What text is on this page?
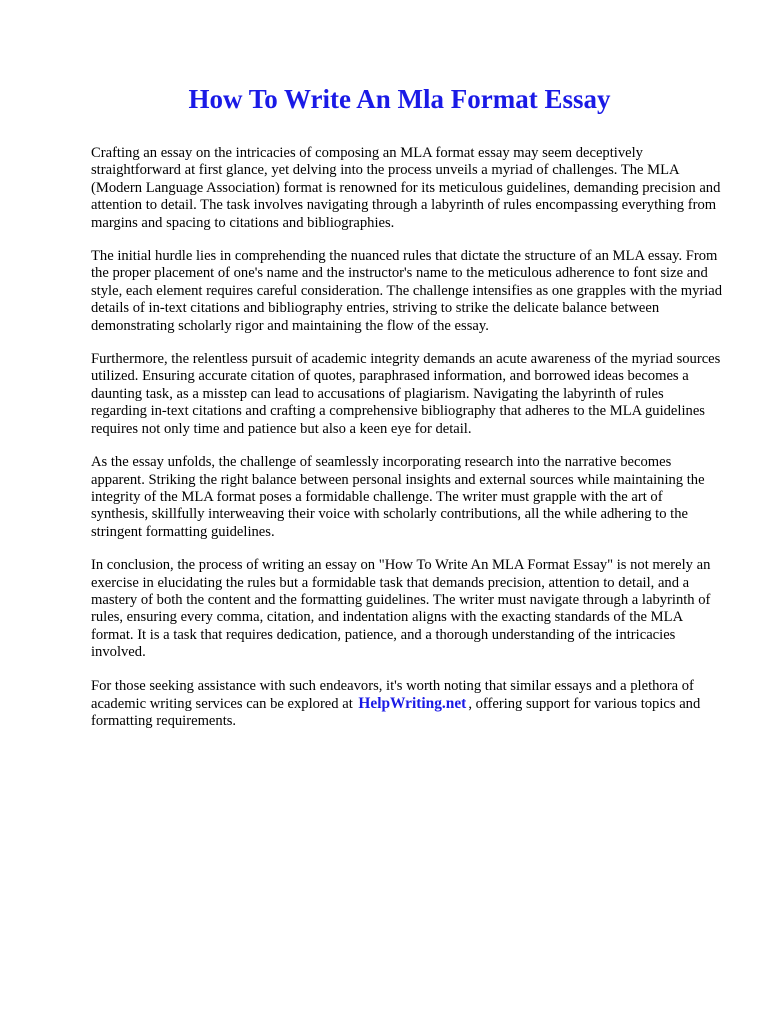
How To Write An Mla Format Essay

Crafting an essay on the intricacies of composing an MLA format essay may seem deceptively straightforward at first glance, yet delving into the process unveils a myriad of challenges. The MLA (Modern Language Association) format is renowned for its meticulous guidelines, demanding precision and attention to detail. The task involves navigating through a labyrinth of rules encompassing everything from margins and spacing to citations and bibliographies.

The initial hurdle lies in comprehending the nuanced rules that dictate the structure of an MLA essay. From the proper placement of one's name and the instructor's name to the meticulous adherence to font size and style, each element requires careful consideration. The challenge intensifies as one grapples with the myriad details of in-text citations and bibliography entries, striving to strike the delicate balance between demonstrating scholarly rigor and maintaining the flow of the essay.

Furthermore, the relentless pursuit of academic integrity demands an acute awareness of the myriad sources utilized. Ensuring accurate citation of quotes, paraphrased information, and borrowed ideas becomes a daunting task, as a misstep can lead to accusations of plagiarism. Navigating the labyrinth of rules regarding in-text citations and crafting a comprehensive bibliography that adheres to the MLA guidelines requires not only time and patience but also a keen eye for detail.

As the essay unfolds, the challenge of seamlessly incorporating research into the narrative becomes apparent. Striking the right balance between personal insights and external sources while maintaining the integrity of the MLA format poses a formidable challenge. The writer must grapple with the art of synthesis, skillfully interweaving their voice with scholarly contributions, all the while adhering to the stringent formatting guidelines.

In conclusion, the process of writing an essay on "How To Write An MLA Format Essay" is not merely an exercise in elucidating the rules but a formidable task that demands precision, attention to detail, and a mastery of both the content and the formatting guidelines. The writer must navigate through a labyrinth of rules, ensuring every comma, citation, and indentation aligns with the exacting standards of the MLA format. It is a task that requires dedication, patience, and a thorough understanding of the intricacies involved.

For those seeking assistance with such endeavors, it's worth noting that similar essays and a plethora of academic writing services can be explored at HelpWriting.net , offering support for various topics and formatting requirements.
